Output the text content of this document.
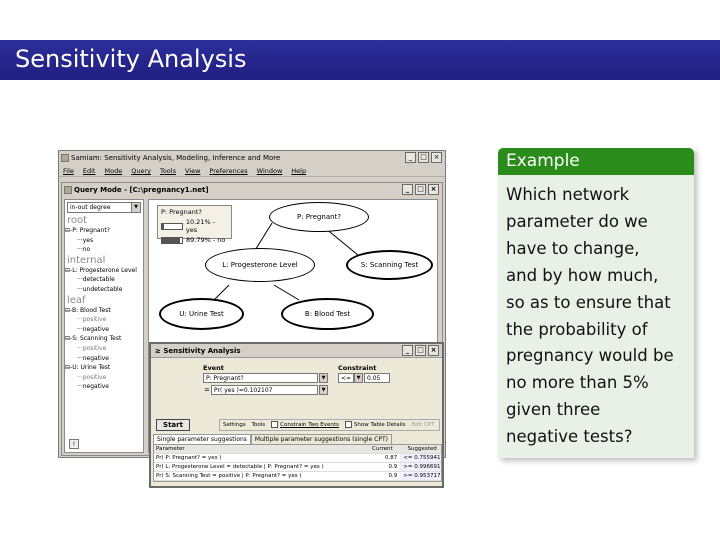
Sensitivity Analysis
Samiam: Sensitivity Analysis, Modeling, Inference and More	_	□ ×
File Edit Mode Query Tools View Preferences Window Help
Query Mode - [C:\pregnancy1.net]	_	□ ×
in-out degree	▼
root
⊟-P: Pregnant?
···yes
···no
internal
⊟-L: Progesterone Level
···detectable
···undetectable
leaf
⊟-B: Blood Test
···positive
···negative
⊟-S: Scanning Test
···positive
···negative
⊟-U: Urine Test
···positive
···negative
!
P: Pregnant?
10.21% - yes
89.79% - no
P: Pregnant?
L: Progesterone Level	S: Scanning Test
U: Urine Test	B: Blood Test
≥ Sensitivity Analysis	_	□ ×
Event	Constraint
P: Pregnant?	▼
= Pr( yes )=0.102107	▼
<=	▼	0.05
Start	Settings Tools	Constrain Two Events	Show Table Details Edit CPT
Single parameter suggestions	Multiple parameter suggestions (single CPT)
Parameter	Current	Suggested
Pr( P: Pregnant? = yes )	0.87	<= 0.755941
Pr( L: Progesterone Level = detectable | P: Pregnant? = yes )	0.9	>= 0.996691
Pr( S: Scanning Test = positive | P: Pregnant? = yes )	0.9	>= 0.953717
Example
Which network
parameter do we
have to change,
and by how much,
so as to ensure that
the probability of
pregnancy would be
no more than 5%
given three
negative tests?
